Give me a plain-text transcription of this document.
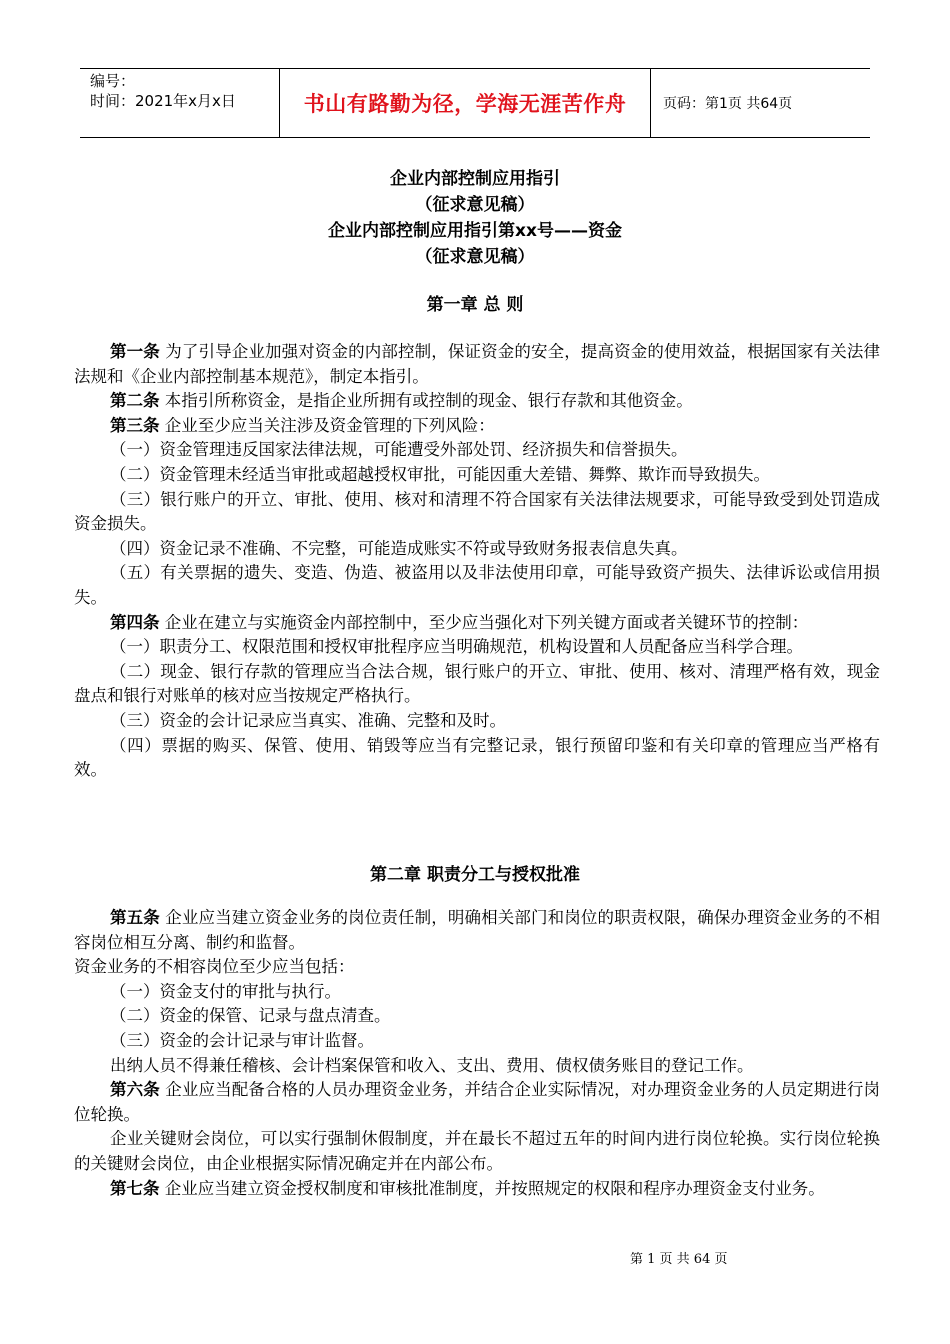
编号：
时间：2021年x月x日	书山有路勤为径，学海无涯苦作舟	页码：第1页 共64页
企业内部控制应用指引
（征求意见稿）
企业内部控制应用指引第xx号——资金
（征求意见稿）
第一章 总 则

第一条 为了引导企业加强对资金的内部控制，保证资金的安全，提高资金的使用效益，根据国家有关法律法规和《企业内部控制基本规范》，制定本指引。

第二条 本指引所称资金，是指企业所拥有或控制的现金、银行存款和其他资金。

第三条 企业至少应当关注涉及资金管理的下列风险：

（一）资金管理违反国家法律法规，可能遭受外部处罚、经济损失和信誉损失。

（二）资金管理未经适当审批或超越授权审批，可能因重大差错、舞弊、欺诈而导致损失。

（三）银行账户的开立、审批、使用、核对和清理不符合国家有关法律法规要求，可能导致受到处罚造成资金损失。

（四）资金记录不准确、不完整，可能造成账实不符或导致财务报表信息失真。

（五）有关票据的遗失、变造、伪造、被盗用以及非法使用印章，可能导致资产损失、法律诉讼或信用损失。

第四条 企业在建立与实施资金内部控制中，至少应当强化对下列关键方面或者关键环节的控制：

（一）职责分工、权限范围和授权审批程序应当明确规范，机构设置和人员配备应当科学合理。

（二）现金、银行存款的管理应当合法合规，银行账户的开立、审批、使用、核对、清理严格有效，现金盘点和银行对账单的核对应当按规定严格执行。

（三）资金的会计记录应当真实、准确、完整和及时。

（四）票据的购买、保管、使用、销毁等应当有完整记录，银行预留印鉴和有关印章的管理应当严格有效。

第二章 职责分工与授权批准

第五条 企业应当建立资金业务的岗位责任制，明确相关部门和岗位的职责权限，确保办理资金业务的不相容岗位相互分离、制约和监督。

资金业务的不相容岗位至少应当包括：

（一）资金支付的审批与执行。

（二）资金的保管、记录与盘点清查。

（三）资金的会计记录与审计监督。

出纳人员不得兼任稽核、会计档案保管和收入、支出、费用、债权债务账目的登记工作。

第六条 企业应当配备合格的人员办理资金业务，并结合企业实际情况，对办理资金业务的人员定期进行岗位轮换。

企业关键财会岗位，可以实行强制休假制度，并在最长不超过五年的时间内进行岗位轮换。实行岗位轮换的关键财会岗位，由企业根据实际情况确定并在内部公布。

第七条 企业应当建立资金授权制度和审核批准制度，并按照规定的权限和程序办理资金支付业务。

第 1 页 共 64 页
